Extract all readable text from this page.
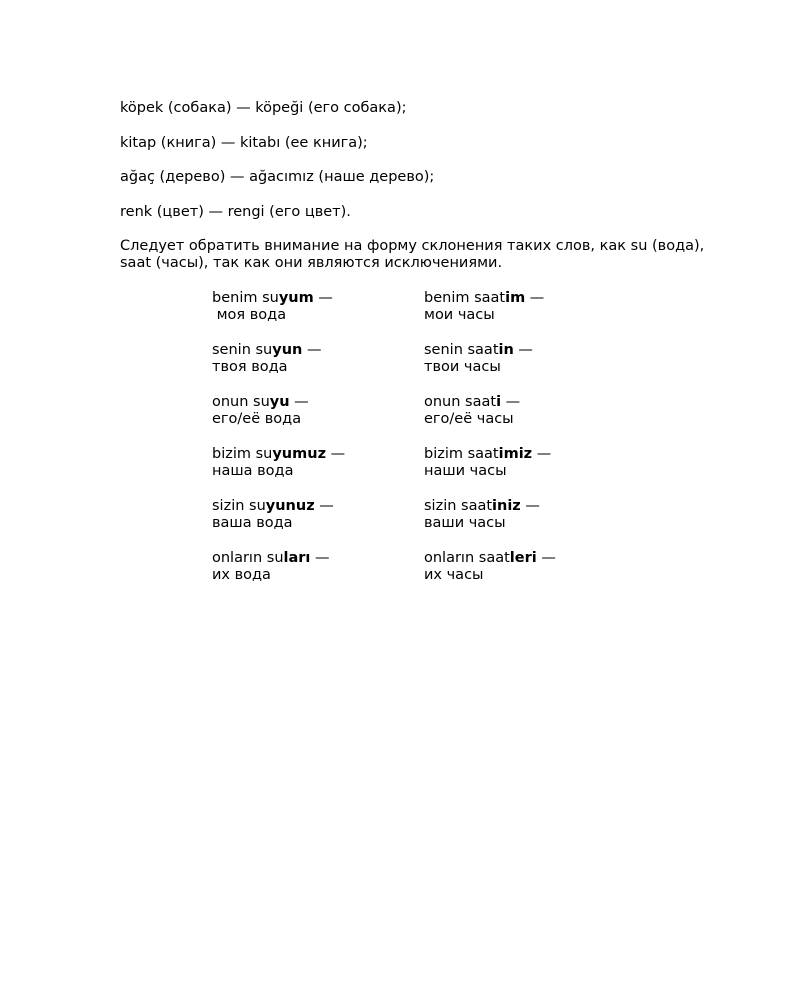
köpek (собака) — köpeği (его собака);
kitap (книга) — kitabı (ее книга);
ağaç (дерево) — ağacımız (наше дерево);
renk (цвет) — rengi (его цвет).
Следует обратить внимание на форму склонения таких слов, как su (вода), saat (часы), так как они являются исключениями.
benim suyum —
моя вода
senin suyun —
твоя вода
onun suyu —
его/её вода
bizim suyumuz —
наша вода
sizin suyunuz —
ваша вода
onların suları —
их вода
benim saatim —
мои часы
senin saatin —
твои часы
onun saati —
его/её часы
bizim saatimiz —
наши часы
sizin saatiniz —
ваши часы
onların saatleri —
их часы
